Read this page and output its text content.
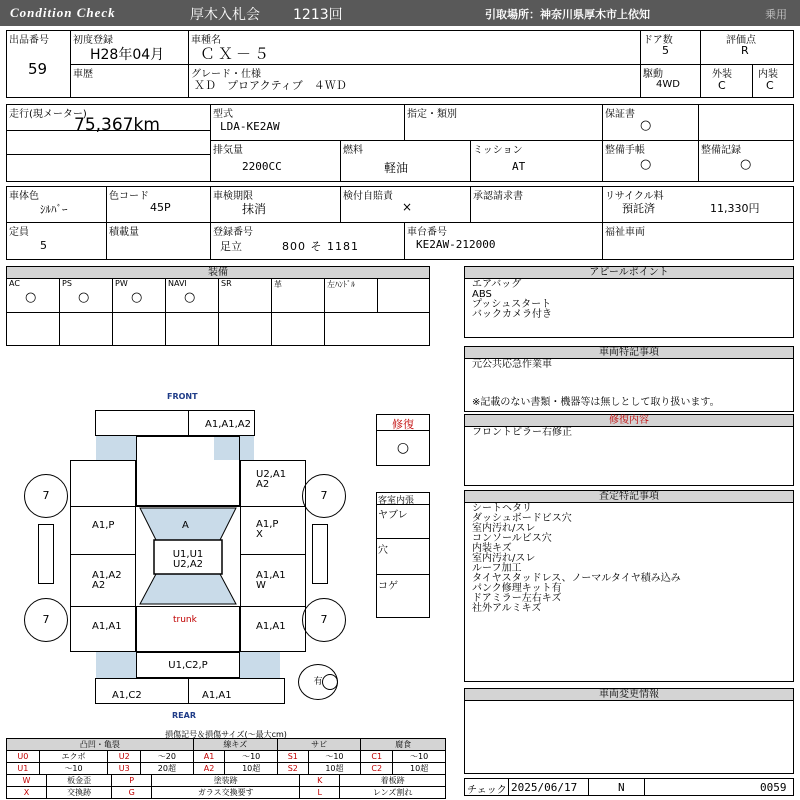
Condition Check	厚木入札会 1213回	引取場所：神奈川県厚木市上依知	乗用
出品番号
59
初度登録
H28年04月
車種名
ＣＸ－５
ドア数
5
評価点
R
車歴	グレード・仕様
ＸＤ　プロアクティブ　４ＷＤ
駆動
4WD
外装
C
内装
C
走行(現メーター)
75,367km
型式
LDA-KE2AW
指定・類別	保証書
○
排気量
2200CC
燃料
軽油
ミッション
AT
整備手帳
○
整備記録
○
車体色
ｼﾙﾊﾞｰ
色コード
45P
車検期限
抹消
検付自賠責
×
承認請求書	リサイクル料
預託済	11,330円
定員
5
積載量	登録番号
足立	800 そ 1181
車台番号
KE2AW-212000
福祉車両
装備
AC
○
PS
○
PW
○
NAVI
○
SR	革	左ﾊﾝﾄﾞﾙ
アピールポイント
エアバッグ
ABS
プッシュスタート
バックカメラ付き
車両特記事項
元公共応急作業車
※記載のない書類・機器等は無しとして取り扱います。
修復内容
フロントピラー右修正
査定特記事項
シートヘタリ
ダッシュボードビス穴
室内汚れ/スレ
コンソールビス穴
内装キズ
室内汚れ/スレ
ルーフ加工
タイヤスタッドレス、ノーマルタイヤ積み込み
パンク修理キット有
ドアミラー左右キズ
社外アルミキズ
車両変更情報
チェック 2025/06/17	N	0059
修復
○
客室内張
ヤブレ
穴
コゲ
FRONT
REAR
A1,A1,A2
U2,A1
A2
A1,P	A	A1,P
X
U1,U1
U2,A2
A1,A2
A2
A1,A1
W
A1,A1
trunk
A1,A1
U1,C2,P
A1,C2	A1,A1
7	7
7	7
有
損傷記号＆損傷サイズ(～最大cm)
凸凹・亀裂				線キズ		サビ		腐食	
U0	エクボ	U2	～20	A1	～10	S1	～10	C1	～10
U1	～10	U3	20超	A2	10超	S2	10超	C2	10超
W	板金歪	P	塗装跡	K	着板跡
X	交換跡	G	ガラス交換要す	L	レンズ割れ
